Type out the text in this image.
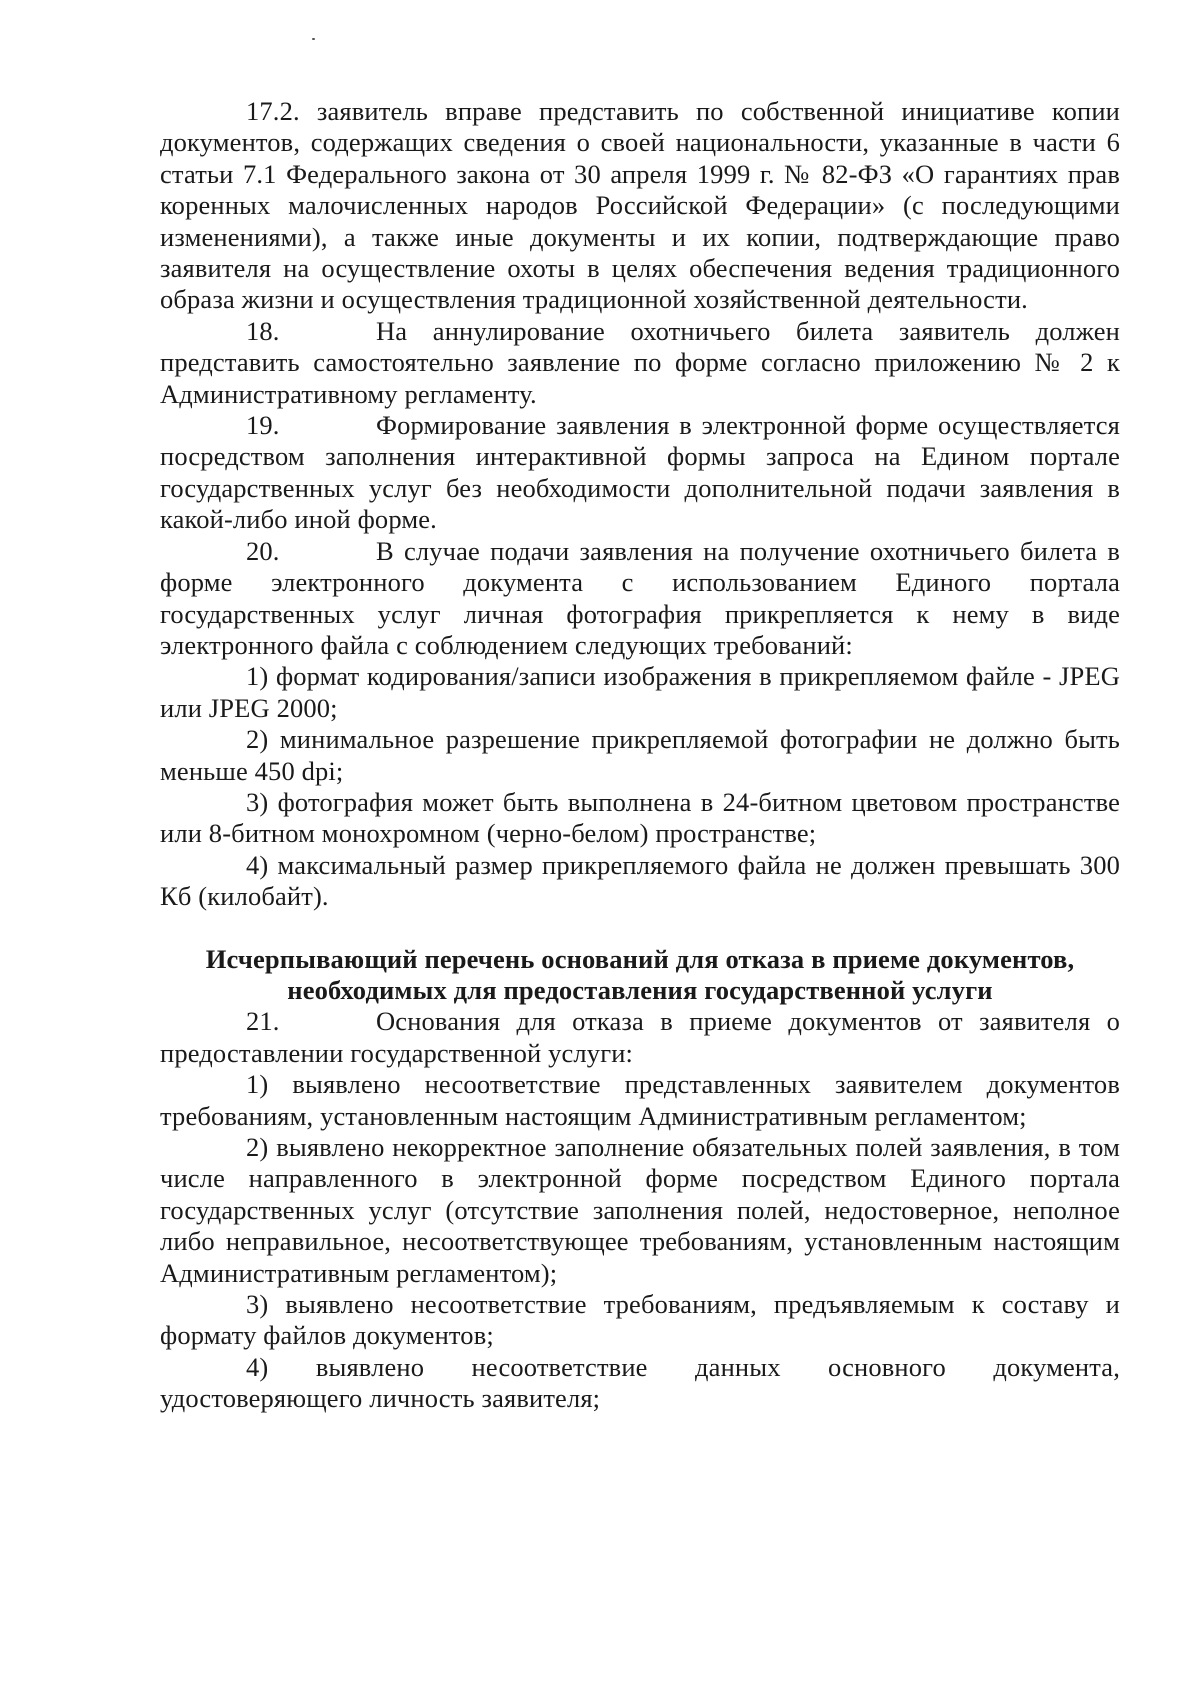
17.2. заявитель вправе представить по собственной инициативе копии документов, содержащих сведения о своей национальности, указанные в части 6 статьи 7.1 Федерального закона от 30 апреля 1999 г. № 82-ФЗ «О гарантиях прав коренных малочисленных народов Российской Федерации» (с последующими изменениями), а также иные документы и их копии, подтверждающие право заявителя на осуществление охоты в целях обеспечения ведения традиционного образа жизни и осуществления традиционной хозяйственной деятельности.

18.	На аннулирование охотничьего билета заявитель должен представить самостоятельно заявление по форме согласно приложению № 2 к Административному регламенту.

19.	Формирование заявления в электронной форме осуществляется посредством заполнения интерактивной формы запроса на Едином портале государственных услуг без необходимости дополнительной подачи заявления в какой-либо иной форме.

20.	В случае подачи заявления на получение охотничьего билета в форме электронного документа с использованием Единого портала государственных услуг личная фотография прикрепляется к нему в виде электронного файла с соблюдением следующих требований:

1) формат кодирования/записи изображения в прикрепляемом файле - JPEG или JPEG 2000;

2) минимальное разрешение прикрепляемой фотографии не должно быть меньше 450 dpi;

3) фотография может быть выполнена в 24-битном цветовом пространстве или 8-битном монохромном (черно-белом) пространстве;

4) максимальный размер прикрепляемого файла не должен превышать 300 Кб (килобайт).

Исчерпывающий перечень оснований для отказа в приеме документов, необходимых для предоставления государственной услуги

21.	Основания для отказа в приеме документов от заявителя о предоставлении государственной услуги:

1) выявлено несоответствие представленных заявителем документов требованиям, установленным настоящим Административным регламентом;

2) выявлено некорректное заполнение обязательных полей заявления, в том числе направленного в электронной форме посредством Единого портала государственных услуг (отсутствие заполнения полей, недостоверное, неполное либо неправильное, несоответствующее требованиям, установленным настоящим Административным регламентом);

3) выявлено несоответствие требованиям, предъявляемым к составу и формату файлов документов;

4) выявлено несоответствие данных основного документа, удостоверяющего личность заявителя;
